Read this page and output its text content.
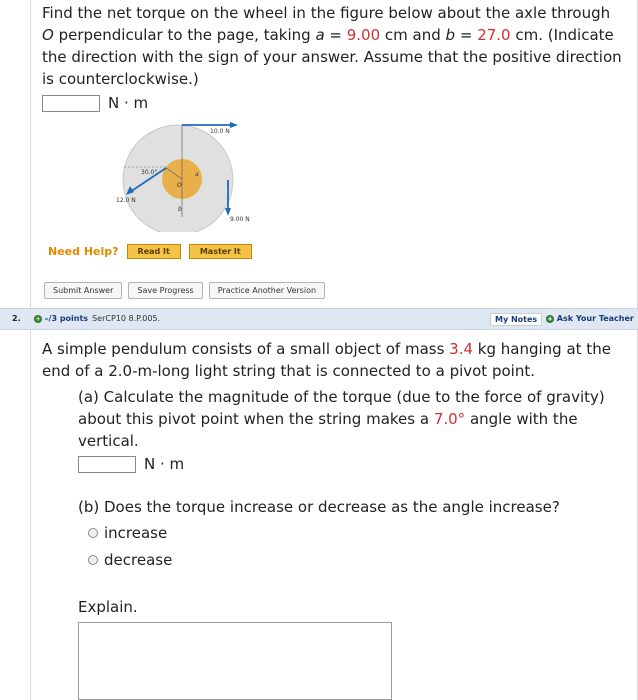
Find the net torque on the wheel in the figure below about the axle through
O perpendicular to the page, taking a = 9.00 cm and b = 27.0 cm. (Indicate
the direction with the sign of your answer. Assume that the positive direction
is counterclockwise.)
N · m
10.0 N
30.0°
12.0 N
9.00 N
a
O
b
Need Help?	Read It	Master It
Submit Answer	Save Progress	Practice Another Version
2. + –/3 points SerCP10 8.P.005.	My Notes	+ Ask Your Teacher
A simple pendulum consists of a small object of mass 3.4 kg hanging at the
end of a 2.0-m-long light string that is connected to a pivot point.
(a) Calculate the magnitude of the torque (due to the force of gravity)
about this pivot point when the string makes a 7.0° angle with the
vertical.
N · m
(b) Does the torque increase or decrease as the angle increase?
increase
decrease
Explain.
